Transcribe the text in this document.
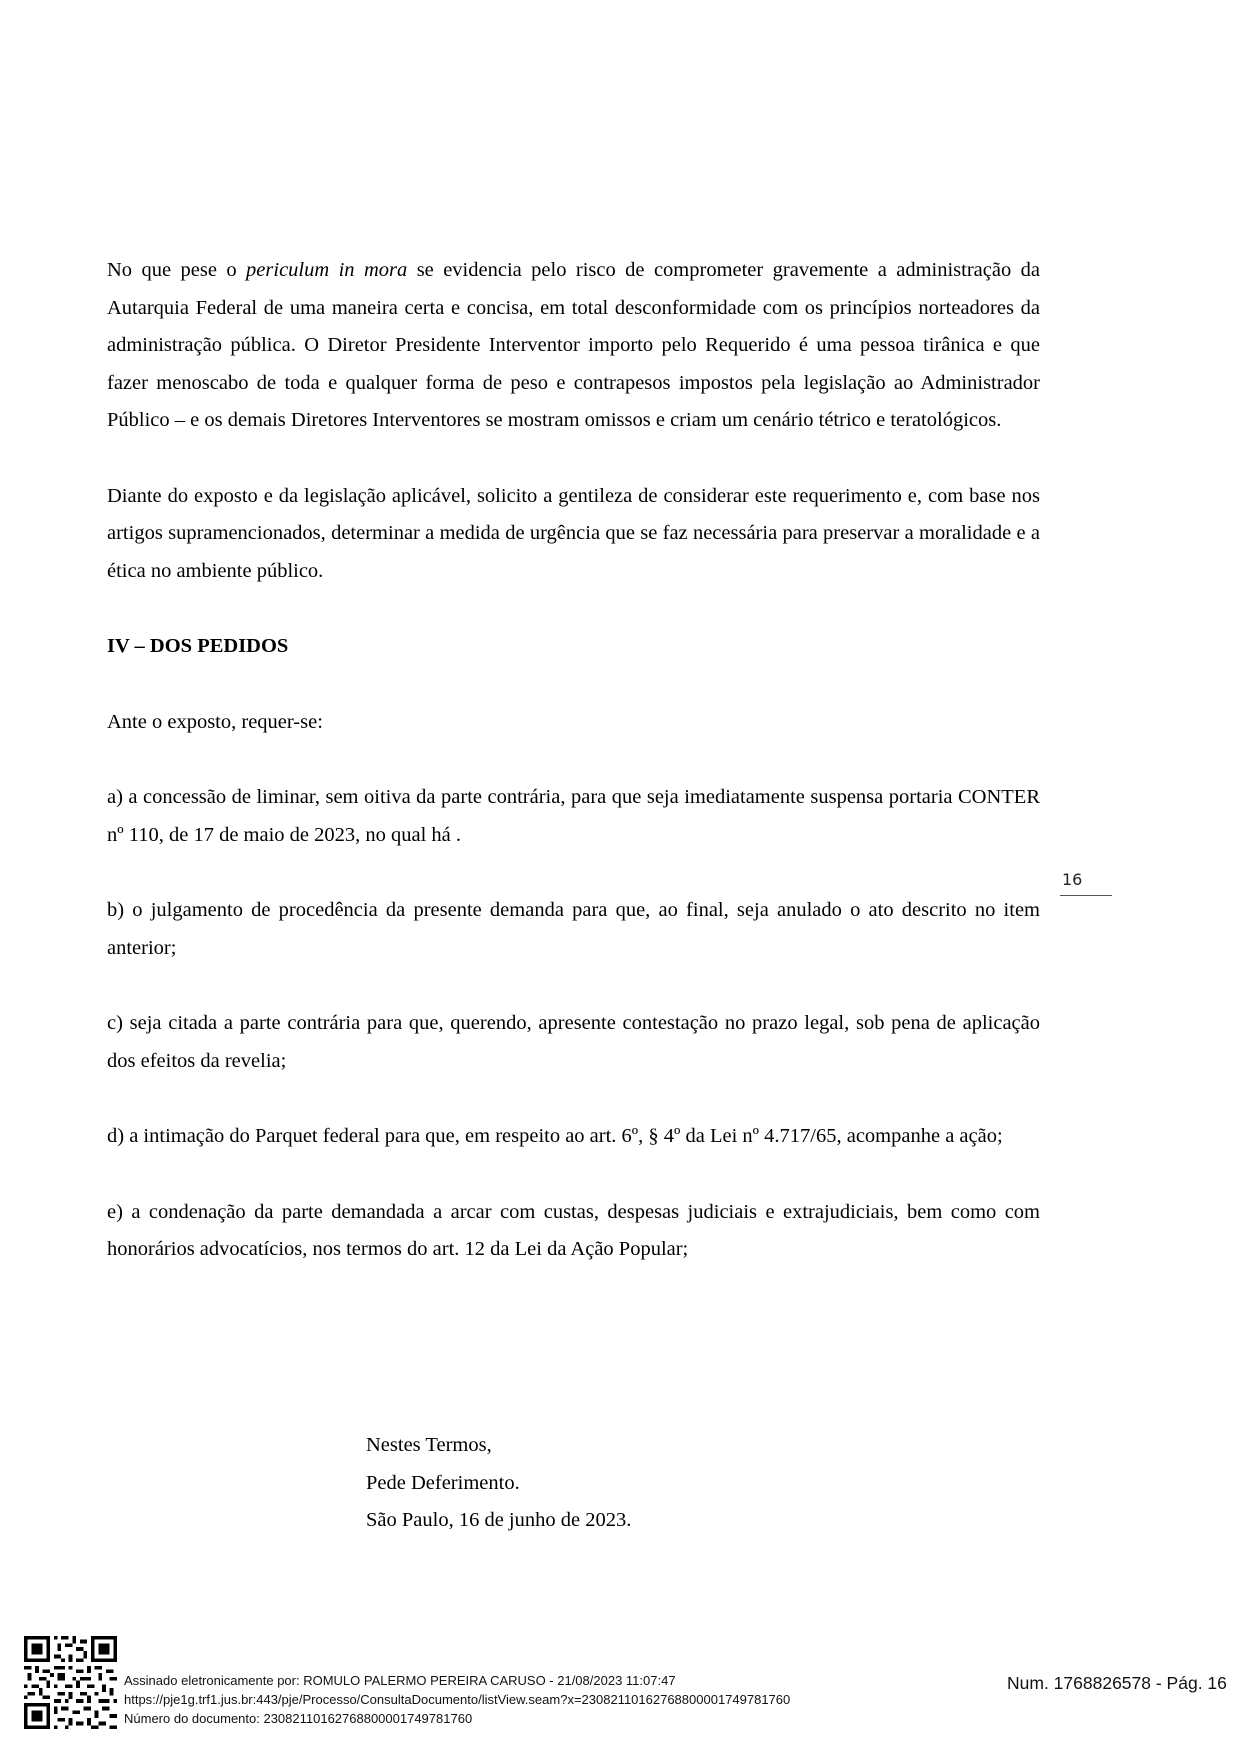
No que pese o periculum in mora se evidencia pelo risco de comprometer gravemente a administração da Autarquia Federal de uma maneira certa e concisa, em total desconformidade com os princípios norteadores da administração pública. O Diretor Presidente Interventor importo pelo Requerido é uma pessoa tirânica e que fazer menoscabo de toda e qualquer forma de peso e contrapesos impostos pela legislação ao Administrador Público – e os demais Diretores Interventores se mostram omissos e criam um cenário tétrico e teratológicos.

Diante do exposto e da legislação aplicável, solicito a gentileza de considerar este requerimento e, com base nos artigos supramencionados, determinar a medida de urgência que se faz necessária para preservar a moralidade e a ética no ambiente público.

IV – DOS PEDIDOS

Ante o exposto, requer-se:

a) a concessão de liminar, sem oitiva da parte contrária, para que seja imediatamente suspensa portaria CONTER nº 110, de 17 de maio de 2023, no qual há .

b) o julgamento de procedência da presente demanda para que, ao final, seja anulado o ato descrito no item anterior;

c) seja citada a parte contrária para que, querendo, apresente contestação no prazo legal, sob pena de aplicação dos efeitos da revelia;

d) a intimação do Parquet federal para que, em respeito ao art. 6º, § 4º da Lei nº 4.717/65, acompanhe a ação;

e) a condenação da parte demandada a arcar com custas, despesas judiciais e extrajudiciais, bem como com honorários advocatícios, nos termos do art. 12 da Lei da Ação Popular;

Nestes Termos,
Pede Deferimento.
São Paulo, 16 de junho de 2023.
16
Assinado eletronicamente por: ROMULO PALERMO PEREIRA CARUSO - 21/08/2023 11:07:47
https://pje1g.trf1.jus.br:443/pje/Processo/ConsultaDocumento/listView.seam?x=23082110162768800001749781760
Número do documento: 23082110162768800001749781760
Num. 1768826578 - Pág. 16
